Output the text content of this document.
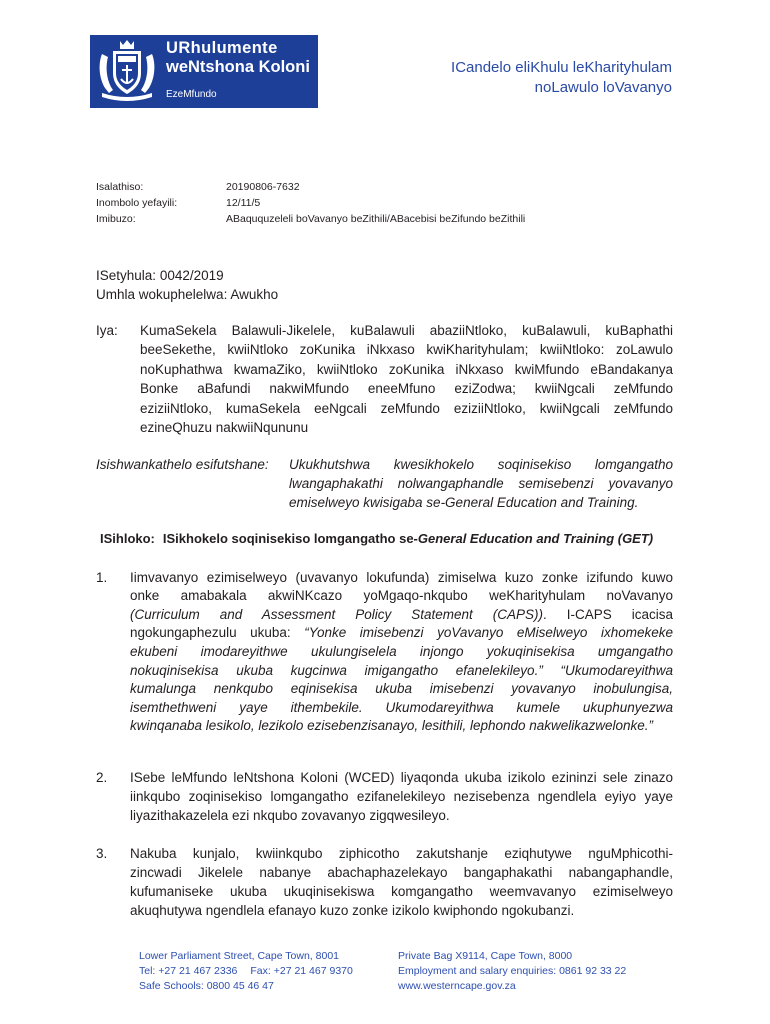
URhulumente
weNtshona Koloni
EzeMfundo
ICandelo eliKhulu leKharityhulam
noLawulo loVavanyo
Isalathiso:	20190806-7632
Inombolo yefayili:	12/11/5
Imibuzo:	ABaququzeleli boVavanyo beZithili/ABacebisi beZifundo beZithili
ISetyhula: 0042/2019
Umhla wokuphelelwa: Awukho
Iya: KumaSekela Balawuli-Jikelele, kuBalawuli abaziiNtloko, kuBalawuli, kuBaphathi
beeSekethe, kwiiNtloko zoKunika iNkxaso kwiKharityhulam; kwiiNtloko: zoLawulo
noKuphathwa kwamaZiko, kwiiNtloko zoKunika iNkxaso kwiMfundo eBandakanya
Bonke aBafundi nakwiMfundo eneeMfuno eziZodwa; kwiiNgcali zeMfundo
eziziiNtloko, kumaSekela eeNgcali zeMfundo eziziiNtloko, kwiiNgcali zeMfundo
ezineQhuzu nakwiiNqununu
Isishwankathelo esifutshane: Ukukhutshwa kwesikhokelo soqinisekiso lomgangatho
lwangaphakathi nolwangaphandle semisebenzi yovavanyo
emiselweyo kwisigaba se-General Education and Training.
ISihloko: ISikhokelo soqinisekiso lomgangatho se-General Education and Training (GET)
1. Iimvavanyo ezimiselweyo (uvavanyo lokufunda) zimiselwa kuzo zonke izifundo kuwo
onke amabakala akwiNKcazo yoMgaqo-nkqubo weKharityhulam noVavanyo
(Curriculum and Assessment Policy Statement (CAPS)). I-CAPS icacisa
ngokungaphezulu ukuba: “Yonke imisebenzi yoVavanyo eMiselweyo ixhomekeke
ekubeni imodareyithwe ukulungiselela injongo yokuqinisekisa umgangatho
nokuqinisekisa ukuba kugcinwa imigangatho efanelekileyo.” “Ukumodareyithwa
kumalunga nenkqubo eqinisekisa ukuba imisebenzi yovavanyo inobulungisa,
isemthethweni yaye ithembekile. Ukumodareyithwa kumele ukuphunyezwa
kwinqanaba lesikolo, lezikolo ezisebenzisanayo, lesithili, lephondo nakwelikazwelonke.”
2. ISebe leMfundo leNtshona Koloni (WCED) liyaqonda ukuba izikolo ezininzi sele zinazo
iinkqubo zoqinisekiso lomgangatho ezifanelekileyo nezisebenza ngendlela eyiyo yaye
liyazithakazelela ezi nkqubo zovavanyo zigqwesileyo.
3. Nakuba kunjalo, kwiinkqubo ziphicotho zakutshanje eziqhutywe nguMphicothi-
zincwadi Jikelele nabanye abachaphazelekayo bangaphakathi nabangaphandle,
kufumaniseke ukuba ukuqinisekiswa komgangatho weemvavanyo ezimiselweyo
akuqhutywa ngendlela efanayo kuzo zonke izikolo kwiphondo ngokubanzi.
Lower Parliament Street, Cape Town, 8001
Tel: +27 21 467 2336 Fax: +27 21 467 9370
Safe Schools: 0800 45 46 47
Private Bag X9114, Cape Town, 8000
Employment and salary enquiries: 0861 92 33 22
www.westerncape.gov.za
